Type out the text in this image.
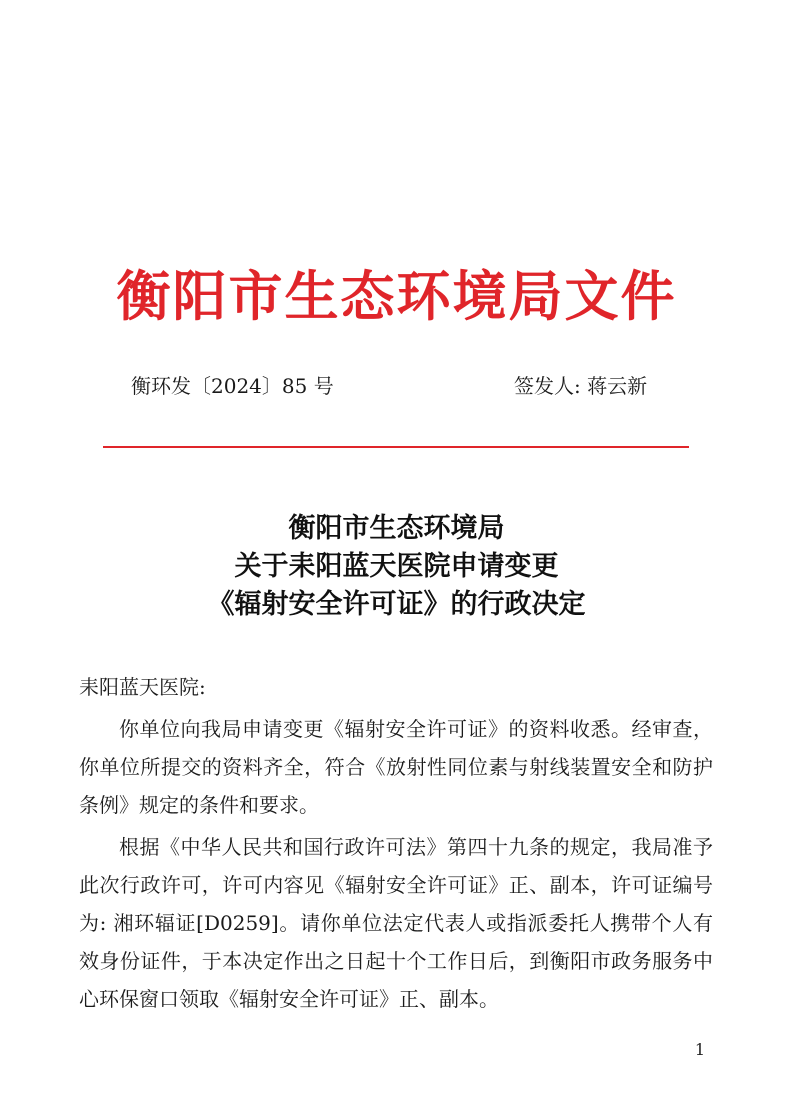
衡阳市生态环境局文件
衡环发〔2024〕85 号	签发人: 蒋云新
衡阳市生态环境局
关于耒阳蓝天医院申请变更
《辐射安全许可证》的行政决定

耒阳蓝天医院:

你单位向我局申请变更《辐射安全许可证》的资料收悉。经审查，你单位所提交的资料齐全，符合《放射性同位素与射线装置安全和防护条例》规定的条件和要求。

根据《中华人民共和国行政许可法》第四十九条的规定，我局准予此次行政许可，许可内容见《辐射安全许可证》正、副本，许可证编号为: 湘环辐证[D0259]。请你单位法定代表人或指派委托人携带个人有效身份证件，于本决定作出之日起十个工作日后，到衡阳市政务服务中心环保窗口领取《辐射安全许可证》正、副本。

1
